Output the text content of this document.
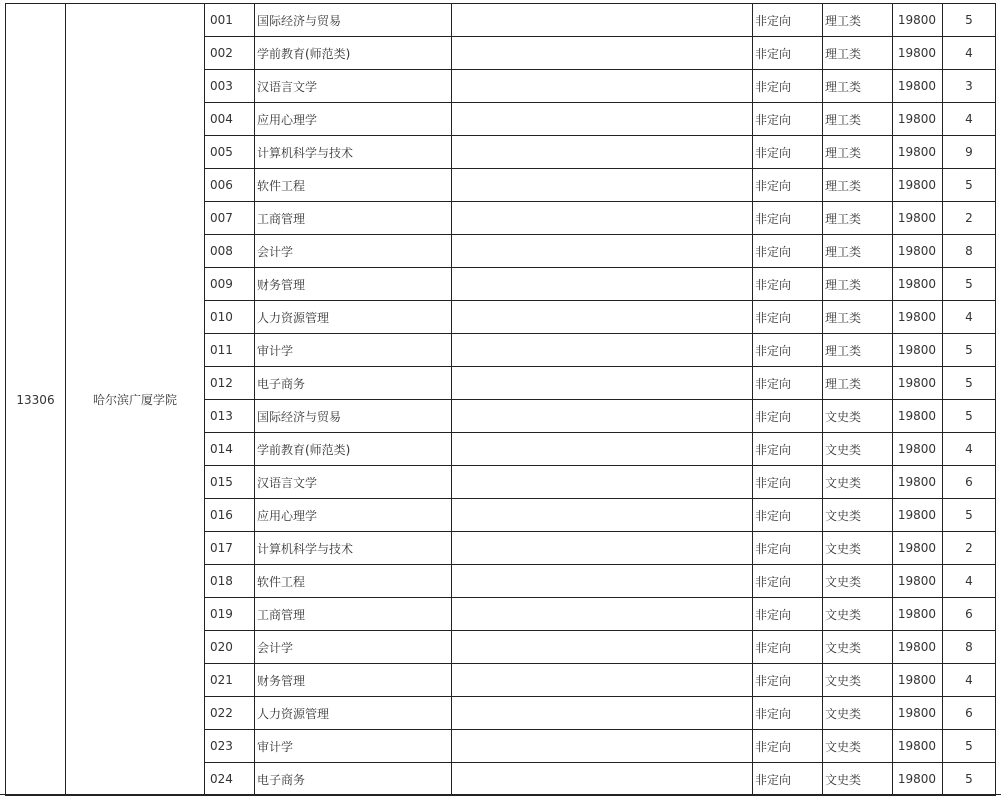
13306	哈尔滨广厦学院	001	国际经济与贸易		非定向	理工类	19800	5
		002	学前教育(师范类)		非定向	理工类	19800	4
		003	汉语言文学		非定向	理工类	19800	3
		004	应用心理学		非定向	理工类	19800	4
		005	计算机科学与技术		非定向	理工类	19800	9
		006	软件工程		非定向	理工类	19800	5
		007	工商管理		非定向	理工类	19800	2
		008	会计学		非定向	理工类	19800	8
		009	财务管理		非定向	理工类	19800	5
		010	人力资源管理		非定向	理工类	19800	4
		011	审计学		非定向	理工类	19800	5
		012	电子商务		非定向	理工类	19800	5
		013	国际经济与贸易		非定向	文史类	19800	5
		014	学前教育(师范类)		非定向	文史类	19800	4
		015	汉语言文学		非定向	文史类	19800	6
		016	应用心理学		非定向	文史类	19800	5
		017	计算机科学与技术		非定向	文史类	19800	2
		018	软件工程		非定向	文史类	19800	4
		019	工商管理		非定向	文史类	19800	6
		020	会计学		非定向	文史类	19800	8
		021	财务管理		非定向	文史类	19800	4
		022	人力资源管理		非定向	文史类	19800	6
		023	审计学		非定向	文史类	19800	5
		024	电子商务		非定向	文史类	19800	5
